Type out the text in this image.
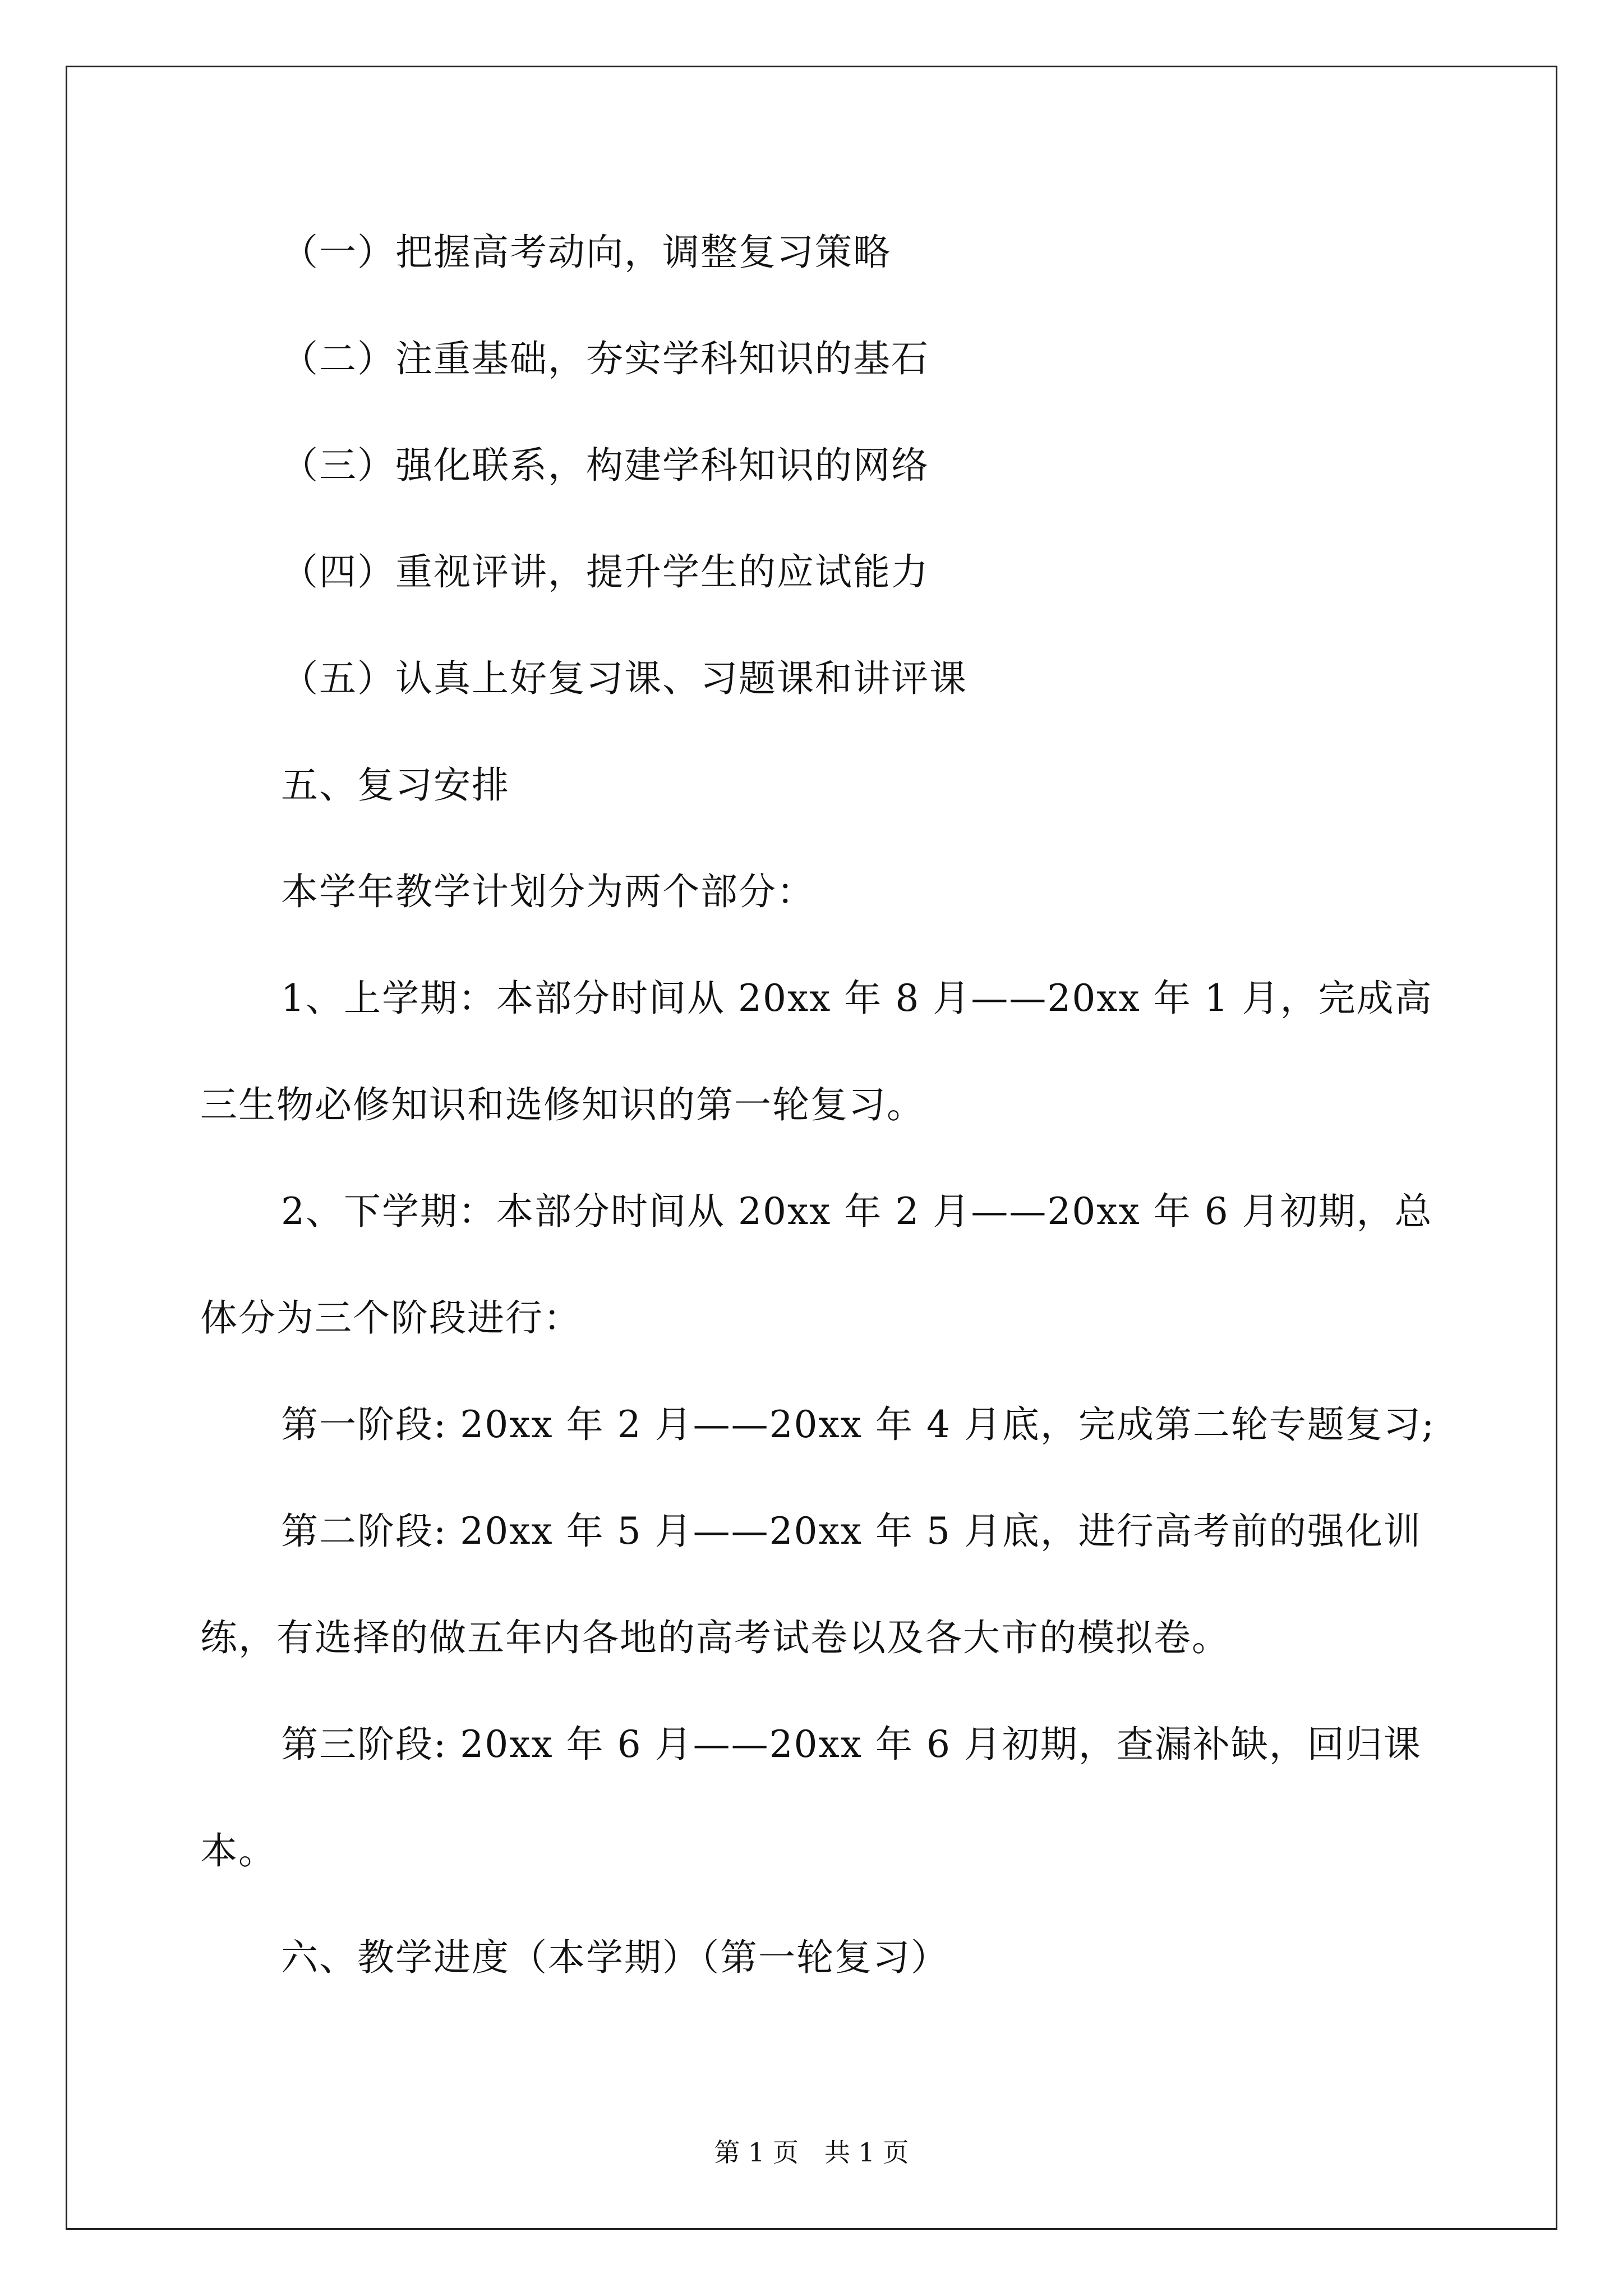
（一）把握高考动向，调整复习策略
（二）注重基础，夯实学科知识的基石
（三）强化联系，构建学科知识的网络
（四）重视评讲，提升学生的应试能力
（五）认真上好复习课、习题课和讲评课
五、复习安排
本学年教学计划分为两个部分：
1、上学期：本部分时间从 20xx 年 8 月——20xx 年 1 月，完成高
三生物必修知识和选修知识的第一轮复习。
2、下学期：本部分时间从 20xx 年 2 月——20xx 年 6 月初期，总
体分为三个阶段进行：
第一阶段: 20xx 年 2 月——20xx 年 4 月底，完成第二轮专题复习;
第二阶段: 20xx 年 5 月——20xx 年 5 月底，进行高考前的强化训
练，有选择的做五年内各地的高考试卷以及各大市的模拟卷。
第三阶段: 20xx 年 6 月——20xx 年 6 月初期，查漏补缺，回归课
本。
六、教学进度（本学期）（第一轮复习）
第 1 页　共 1 页
